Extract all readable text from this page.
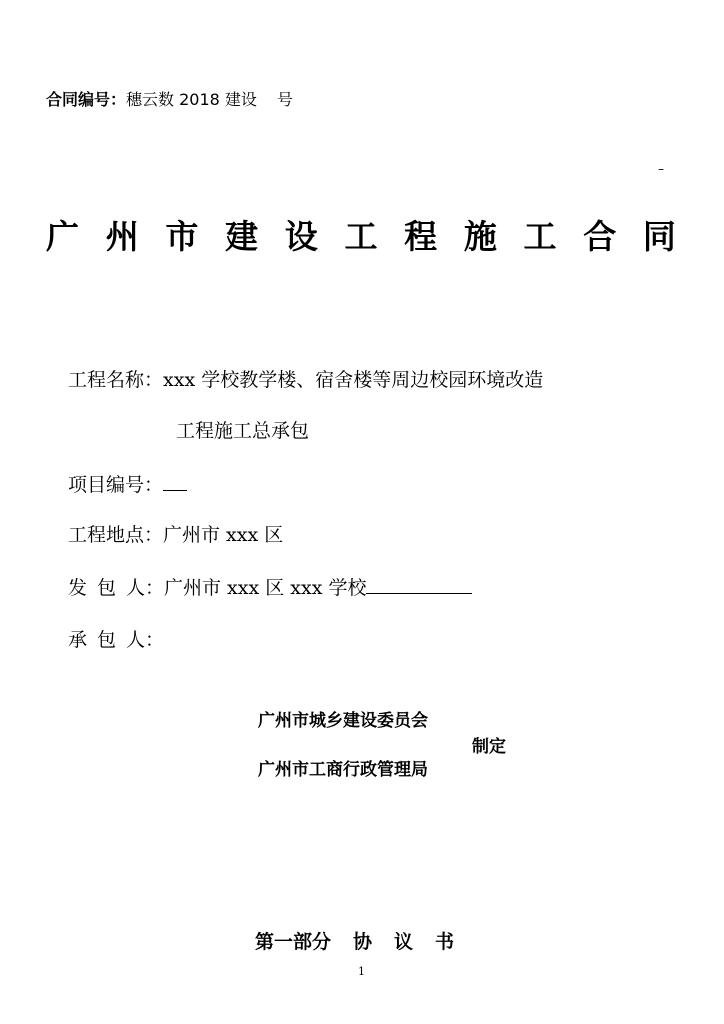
合同编号：穗云数 2018 建设 号
–
广 州 市 建 设 工 程 施 工 合 同
工程名称：xxx 学校教学楼、宿舍楼等周边校园环境改造
工程施工总承包
项目编号：
工程地点：广州市 xxx 区
发 包 人：广州市 xxx 区 xxx 学校
承 包 人：
广州市城乡建设委员会
制定
广州市工商行政管理局
第一部分 协 议 书
1
